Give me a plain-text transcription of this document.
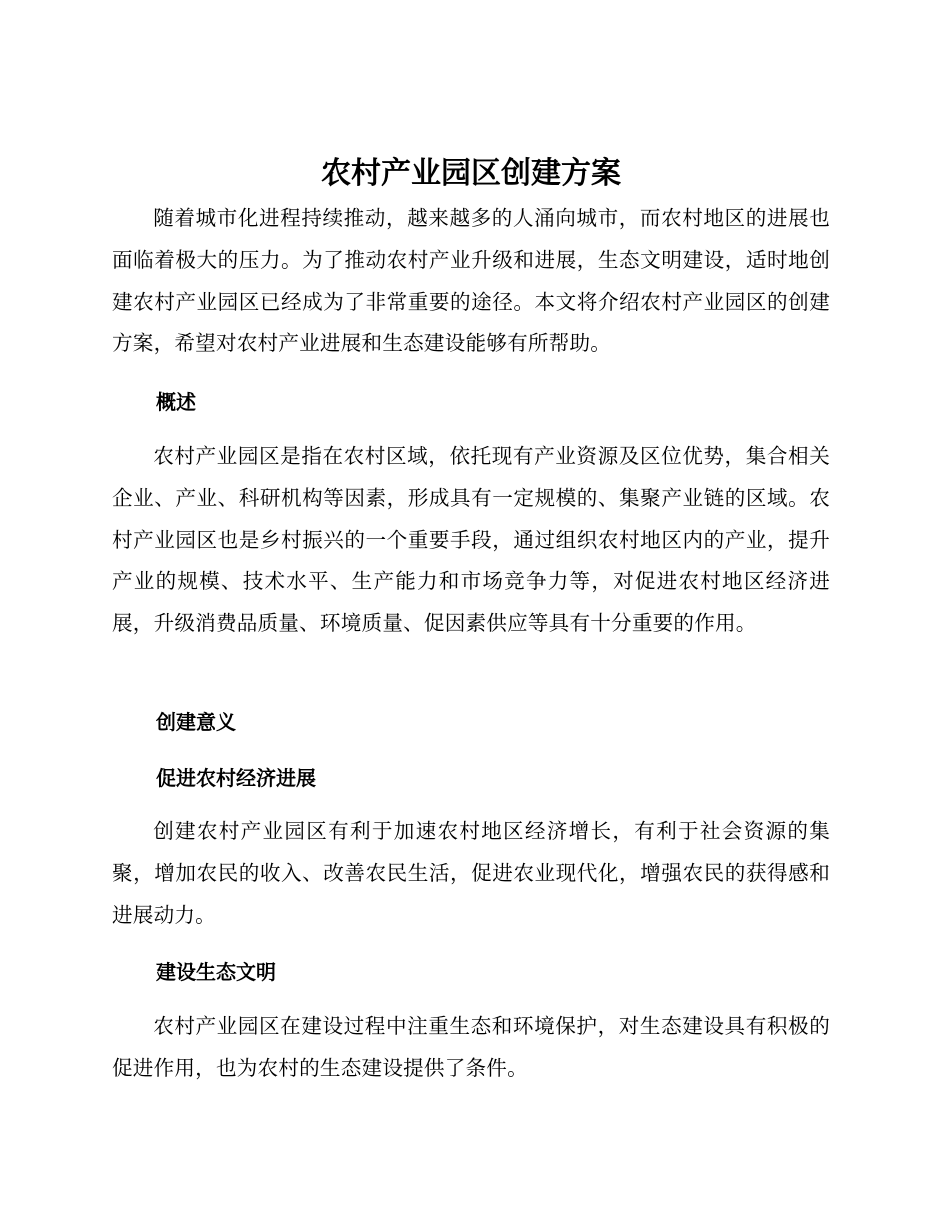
农村产业园区创建方案

随着城市化进程持续推动，越来越多的人涌向城市，而农村地区的进展也面临着极大的压力。为了推动农村产业升级和进展，生态文明建设，适时地创建农村产业园区已经成为了非常重要的途径。本文将介绍农村产业园区的创建方案，希望对农村产业进展和生态建设能够有所帮助。

概述

农村产业园区是指在农村区域，依托现有产业资源及区位优势，集合相关企业、产业、科研机构等因素，形成具有一定规模的、集聚产业链的区域。农村产业园区也是乡村振兴的一个重要手段，通过组织农村地区内的产业，提升产业的规模、技术水平、生产能力和市场竞争力等，对促进农村地区经济进展，升级消费品质量、环境质量、促因素供应等具有十分重要的作用。

创建意义
促进农村经济进展

创建农村产业园区有利于加速农村地区经济增长，有利于社会资源的集聚，增加农民的收入、改善农民生活，促进农业现代化，增强农民的获得感和进展动力。

建设生态文明

农村产业园区在建设过程中注重生态和环境保护，对生态建设具有积极的促进作用，也为农村的生态建设提供了条件。
